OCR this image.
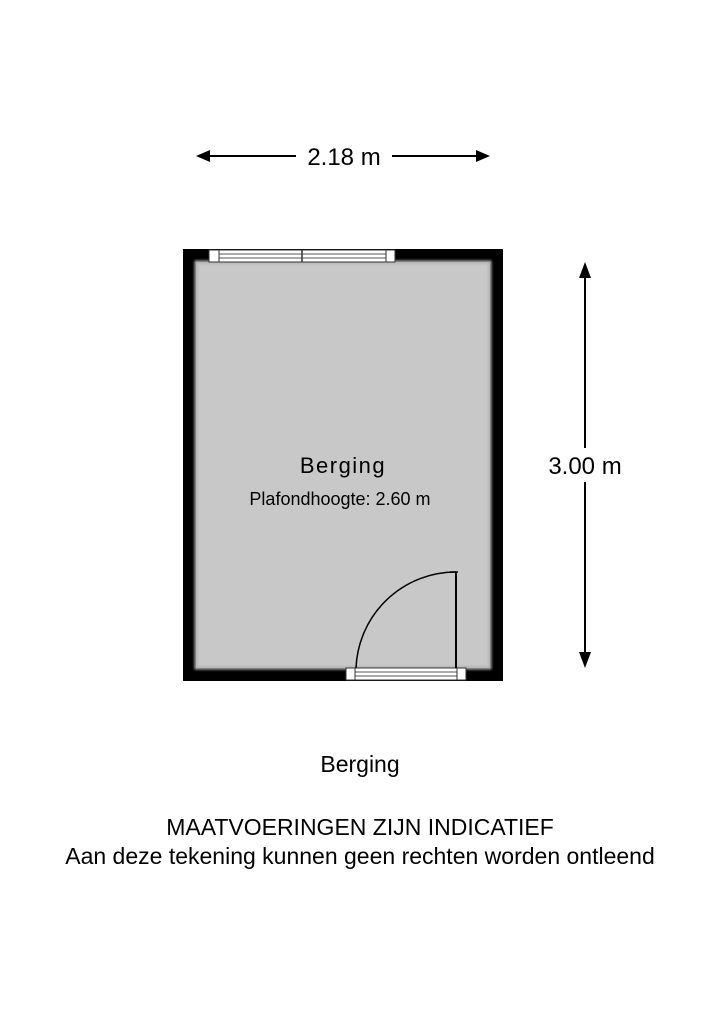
2.18 m
3.00 m
Berging
Plafondhoogte: 2.60 m
Berging
MAATVOERINGEN ZIJN INDICATIEF
Aan deze tekening kunnen geen rechten worden ontleend
